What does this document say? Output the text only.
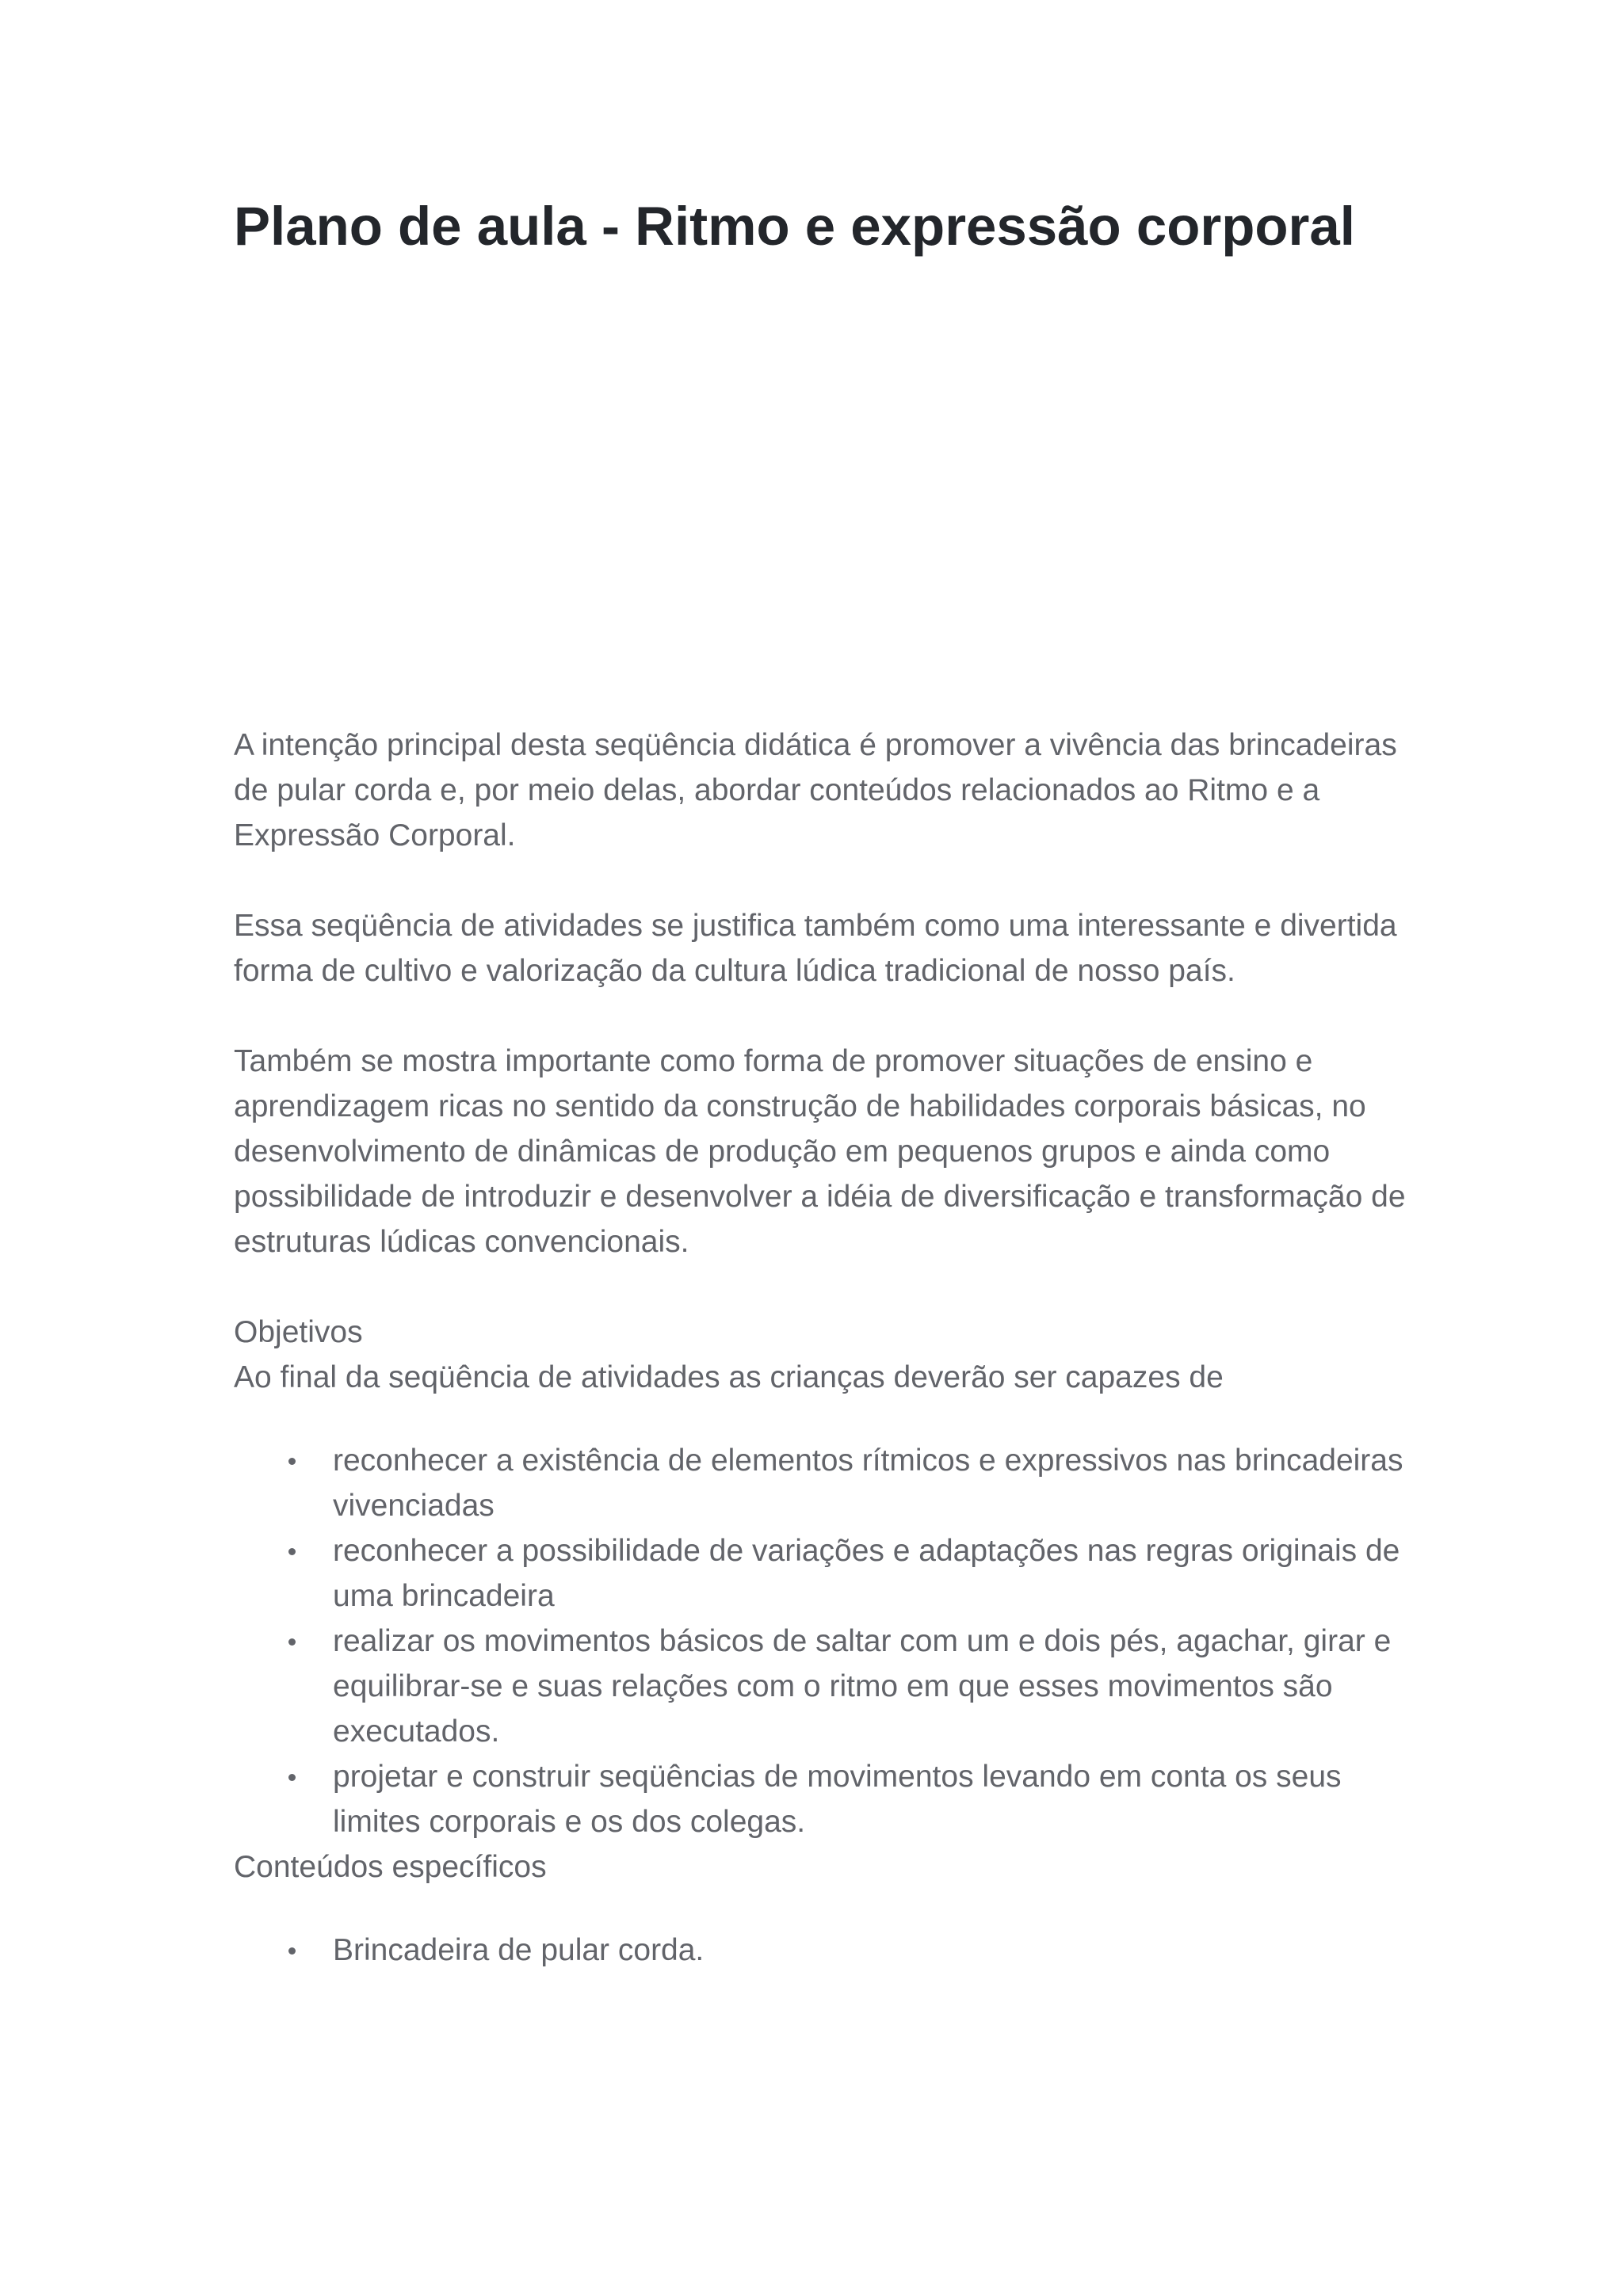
Plano de aula - Ritmo e expressão corporal

A intenção principal desta seqüência didática é promover a vivência das brincadeiras de pular corda e, por meio delas, abordar conteúdos relacionados ao Ritmo e a Expressão Corporal.

Essa seqüência de atividades se justifica também como uma interessante e divertida forma de cultivo e valorização da cultura lúdica tradicional de nosso país.

Também se mostra importante como forma de promover situações de ensino e aprendizagem ricas no sentido da construção de habilidades corporais básicas, no desenvolvimento de dinâmicas de produção em pequenos grupos e ainda como possibilidade de introduzir e desenvolver a idéia de diversificação e transformação de estruturas lúdicas convencionais.

Objetivos

Ao final da seqüência de atividades as crianças deverão ser capazes de

reconhecer a existência de elementos rítmicos e expressivos nas brincadeiras vivenciadas
reconhecer a possibilidade de variações e adaptações nas regras originais de uma brincadeira
realizar os movimentos básicos de saltar com um e dois pés, agachar, girar e equilibrar-se e suas relações com o ritmo em que esses movimentos são executados.
projetar e construir seqüências de movimentos levando em conta os seus limites corporais e os dos colegas.

Conteúdos específicos

Brincadeira de pular corda.
